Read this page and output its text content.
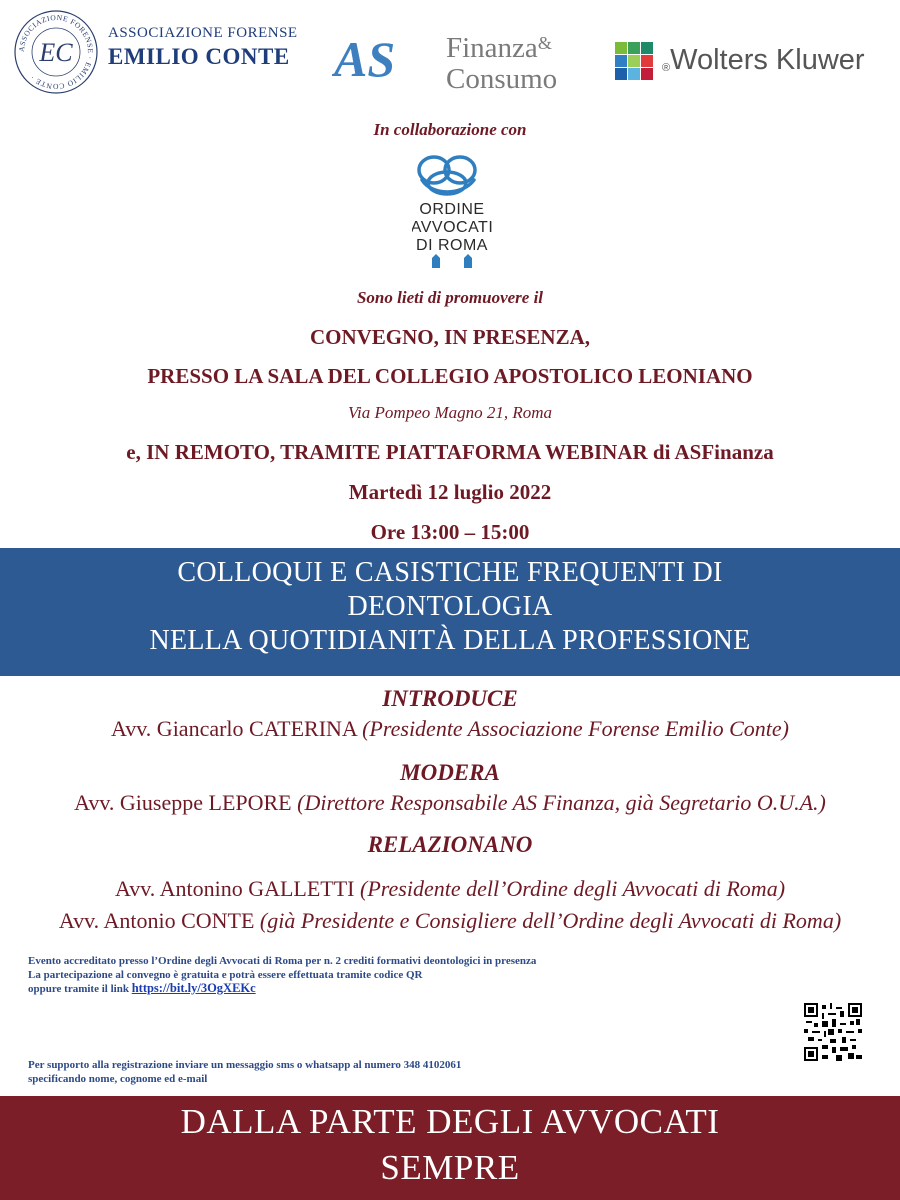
ASSOCIAZIONE FORENSE · EMILIO CONTE ·
EC
ASSOCIAZIONE FORENSE
EMILIO CONTE AS Finanza&
Consumo	®Wolters Kluwer
In collaborazione con
ORDINE
AVVOCATI
DI ROMA
Sono lieti di promuovere il
CONVEGNO, IN PRESENZA,
PRESSO LA SALA DEL COLLEGIO APOSTOLICO LEONIANO
Via Pompeo Magno 21, Roma
e, IN REMOTO, TRAMITE PIATTAFORMA WEBINAR di ASFinanza
Martedì 12 luglio 2022
Ore 13:00 – 15:00
COLLOQUI E CASISTICHE FREQUENTI DI
DEONTOLOGIA
NELLA QUOTIDIANITÀ DELLA PROFESSIONE
INTRODUCE
Avv. Giancarlo CATERINA (Presidente Associazione Forense Emilio Conte)
MODERA
Avv. Giuseppe LEPORE (Direttore Responsabile AS Finanza, già Segretario O.U.A.)
RELAZIONANO
Avv. Antonino GALLETTI (Presidente dell’Ordine degli Avvocati di Roma)
Avv. Antonio CONTE (già Presidente e Consigliere dell’Ordine degli Avvocati di Roma)
Evento accreditato presso l’Ordine degli Avvocati di Roma per n. 2 crediti formativi deontologici in presenza
La partecipazione al convegno è gratuita e potrà essere effettuata tramite codice QR
oppure tramite il link https://bit.ly/3OgXEKc
Per supporto alla registrazione inviare un messaggio sms o whatsapp al numero 348 4102061
specificando nome, cognome ed e-mail
DALLA PARTE DEGLI AVVOCATI
SEMPRE
